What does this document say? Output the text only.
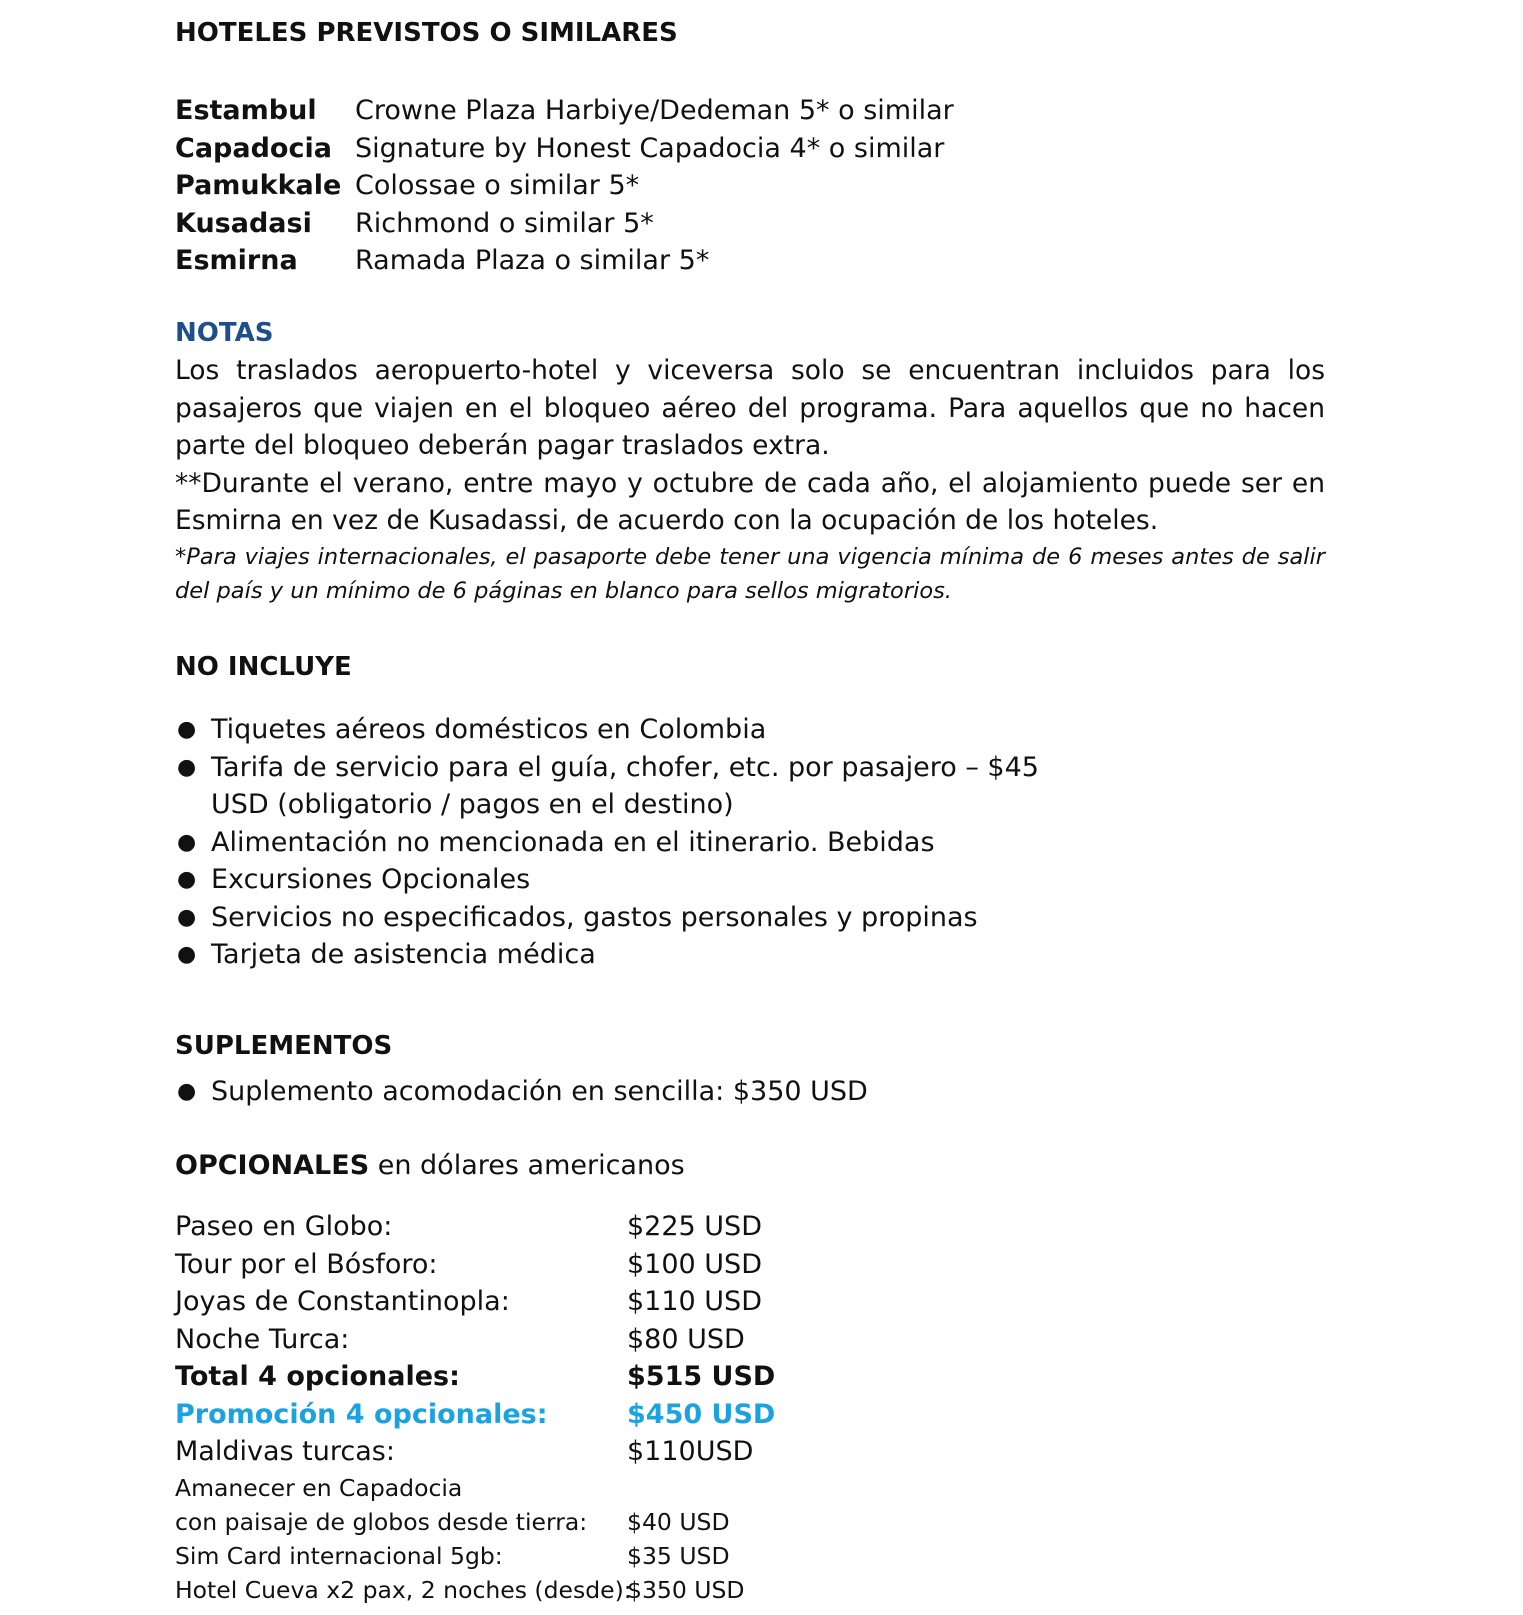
HOTELES PREVISTOS O SIMILARES
Estambul Crowne Plaza Harbiye/Dedeman 5* o similar
Capadocia Signature by Honest Capadocia 4* o similar
Pamukkale Colossae o similar 5*
Kusadasi Richmond o similar 5*
Esmirna Ramada Plaza o similar 5*
NOTAS

Los traslados aeropuerto-hotel y viceversa solo se encuentran incluidos para los pasajeros que viajen en el bloqueo aéreo del programa. Para aquellos que no hacen parte del bloqueo deberán pagar traslados extra.

**Durante el verano, entre mayo y octubre de cada año, el alojamiento puede ser en Esmirna en vez de Kusadassi, de acuerdo con la ocupación de los hoteles.

*Para viajes internacionales, el pasaporte debe tener una vigencia mínima de 6 meses antes de salir del país y un mínimo de 6 páginas en blanco para sellos migratorios.

NO INCLUYE
● Tiquetes aéreos domésticos en Colombia
● Tarifa de servicio para el guía, chofer, etc. por pasajero – $45 USD (obligatorio / pagos en el destino)
● Alimentación no mencionada en el itinerario. Bebidas
● Excursiones Opcionales
● Servicios no especificados, gastos personales y propinas
● Tarjeta de asistencia médica
SUPLEMENTOS
● Suplemento acomodación en sencilla: $350 USD
OPCIONALES en dólares americanos
Paseo en Globo:	$225 USD
Tour por el Bósforo:	$100 USD
Joyas de Constantinopla:	$110 USD
Noche Turca:	$80 USD
Total 4 opcionales:	$515 USD
Promoción 4 opcionales:	$450 USD
Maldivas turcas:	$110USD
Amanecer en Capadocia
con paisaje de globos desde tierra: $40 USD
Sim Card internacional 5gb:	$35 USD
Hotel Cueva x2 pax, 2 noches (desde):$350 USD
